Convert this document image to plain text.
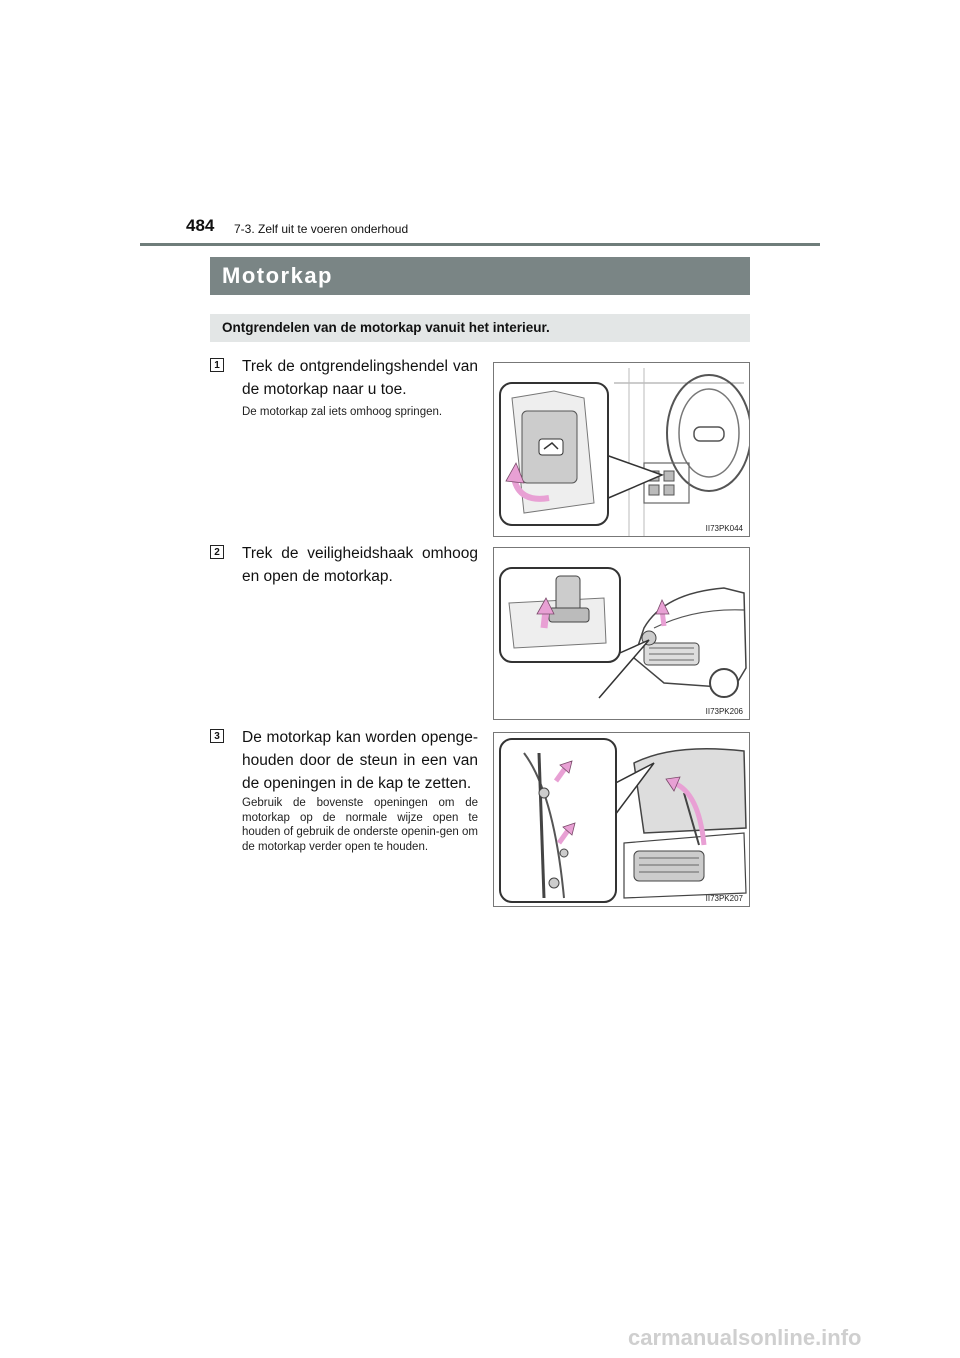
484 7-3. Zelf uit te voeren onderhoud
Motorkap
Ontgrendelen van de motorkap vanuit het interieur.
1 Trek de ontgrendelingshendel van de motorkap naar u toe.
De motorkap zal iets omhoog springen.
II73PK044
2 Trek de veiligheidshaak omhoog en open de motorkap.
II73PK206
3 De motorkap kan worden openge-houden door de steun in een van de openingen in de kap te zetten.
Gebruik de bovenste openingen om de motorkap op de normale wijze open te houden of gebruik de onderste openin-gen om de motorkap verder open te houden.
II73PK207
carmanualsonline.info
